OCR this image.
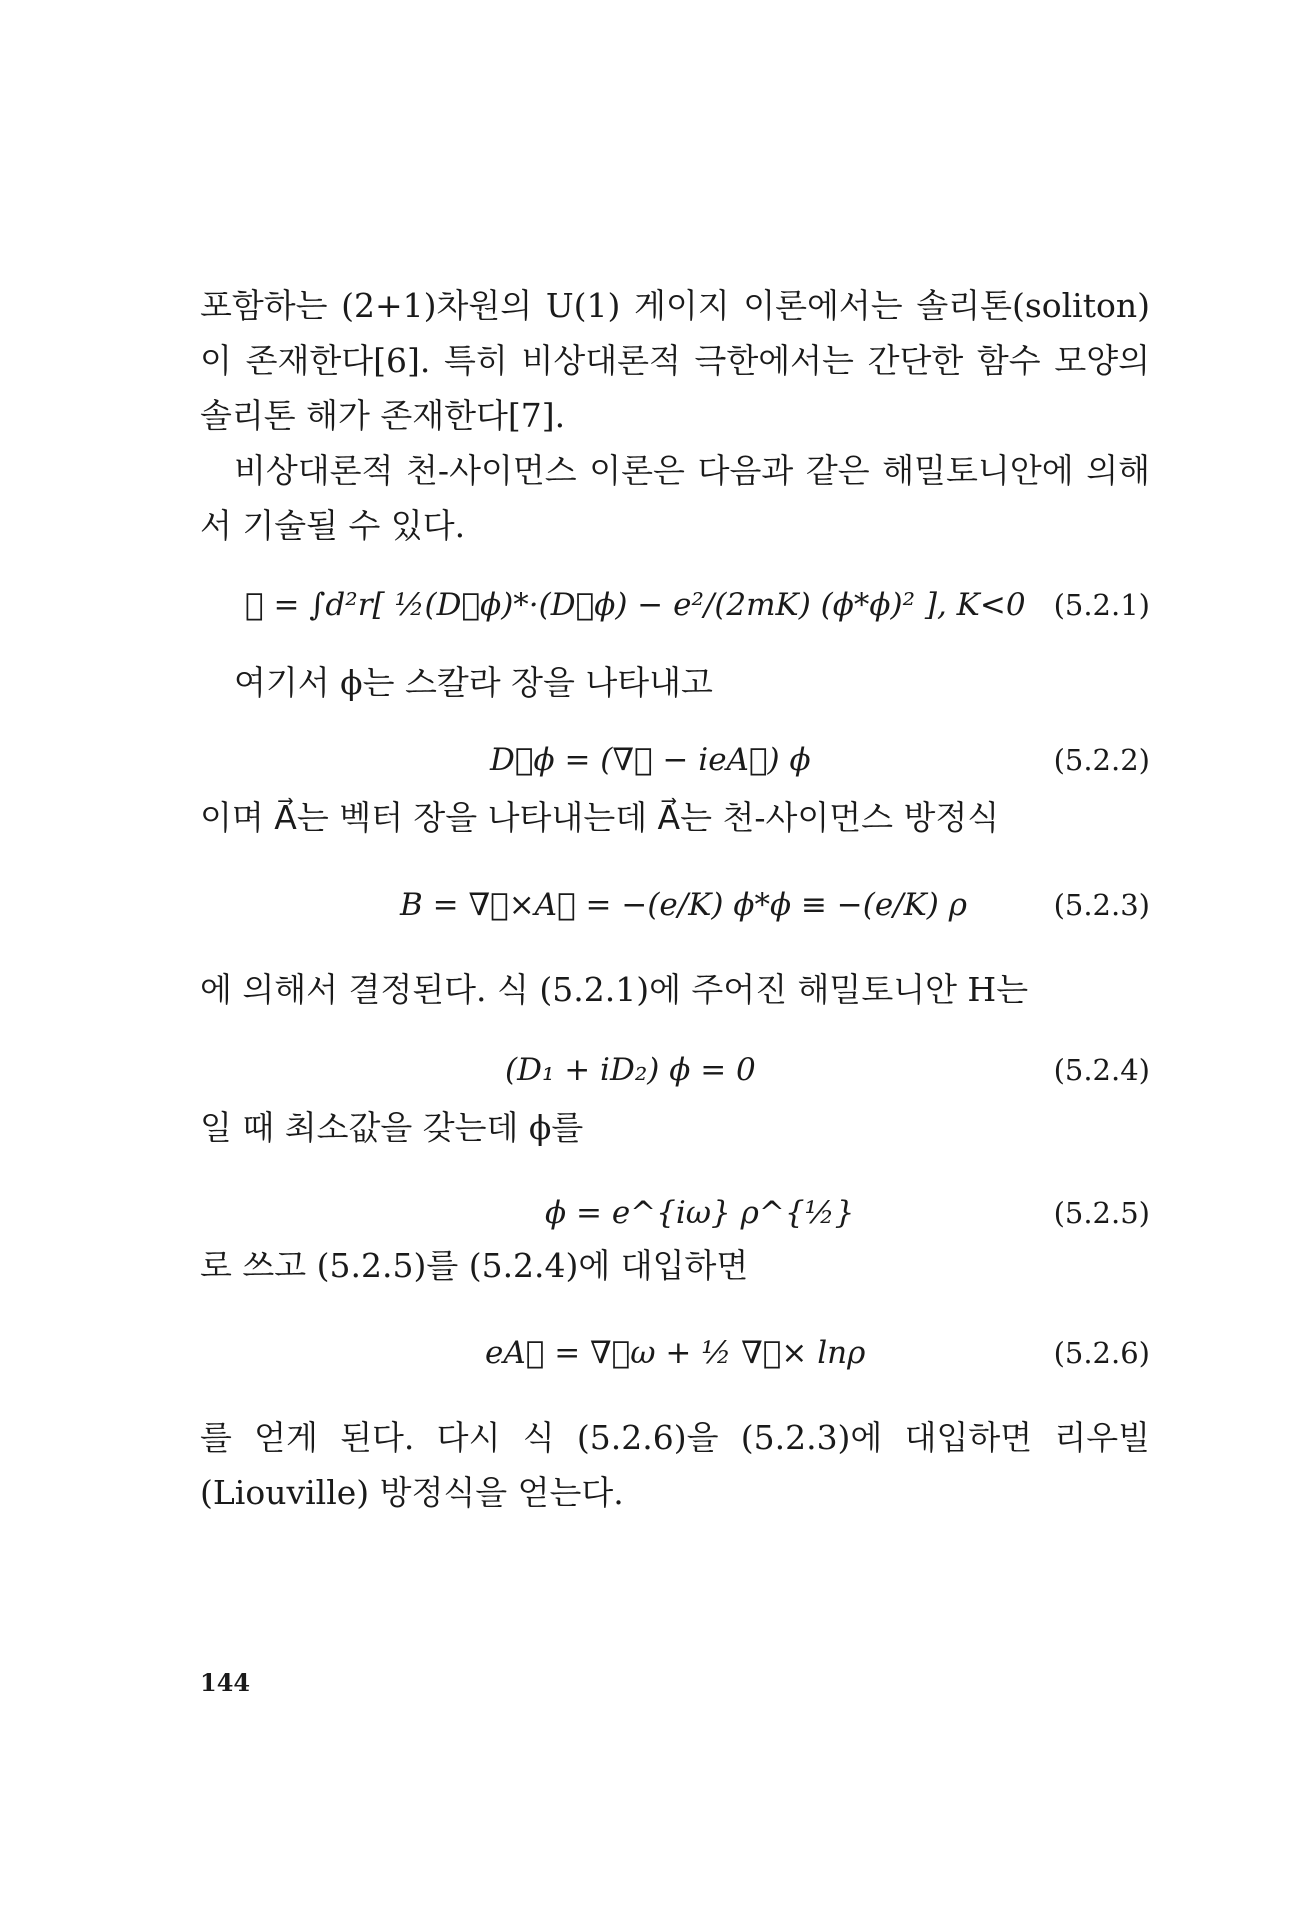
포함하는 (2+1)차원의 U(1) 게이지 이론에서는 솔리톤(soliton)이 존재한다[6]. 특히 비상대론적 극한에서는 간단한 함수 모양의 솔리톤 해가 존재한다[7].

비상대론적 천-사이먼스 이론은 다음과 같은 해밀토니안에 의해서 기술될 수 있다.

ℋ = ∫d²r[ ½(D⃗ϕ)*·(D⃗ϕ) − e²/(2mK) (ϕ*ϕ)² ], K<0 (5.2.1)

여기서 ϕ는 스칼라 장을 나타내고

D⃗ϕ = (∇⃗ − ieA⃗) ϕ	(5.2.2)

이며 A⃗는 벡터 장을 나타내는데 A⃗는 천-사이먼스 방정식

B = ∇⃗×A⃗ = −(e/K) ϕ*ϕ ≡ −(e/K) ρ	(5.2.3)

에 의해서 결정된다. 식 (5.2.1)에 주어진 해밀토니안 H는

(D₁ + iD₂) ϕ = 0	(5.2.4)

일 때 최소값을 갖는데 ϕ를

ϕ = e^{iω} ρ^{½}	(5.2.5)

로 쓰고 (5.2.5)를 (5.2.4)에 대입하면

eA⃗ = ∇⃗ω + ½ ∇⃗× lnρ	(5.2.6)

를 얻게 된다. 다시 식 (5.2.6)을 (5.2.3)에 대입하면 리우빌 (Liouville) 방정식을 얻는다.

144
